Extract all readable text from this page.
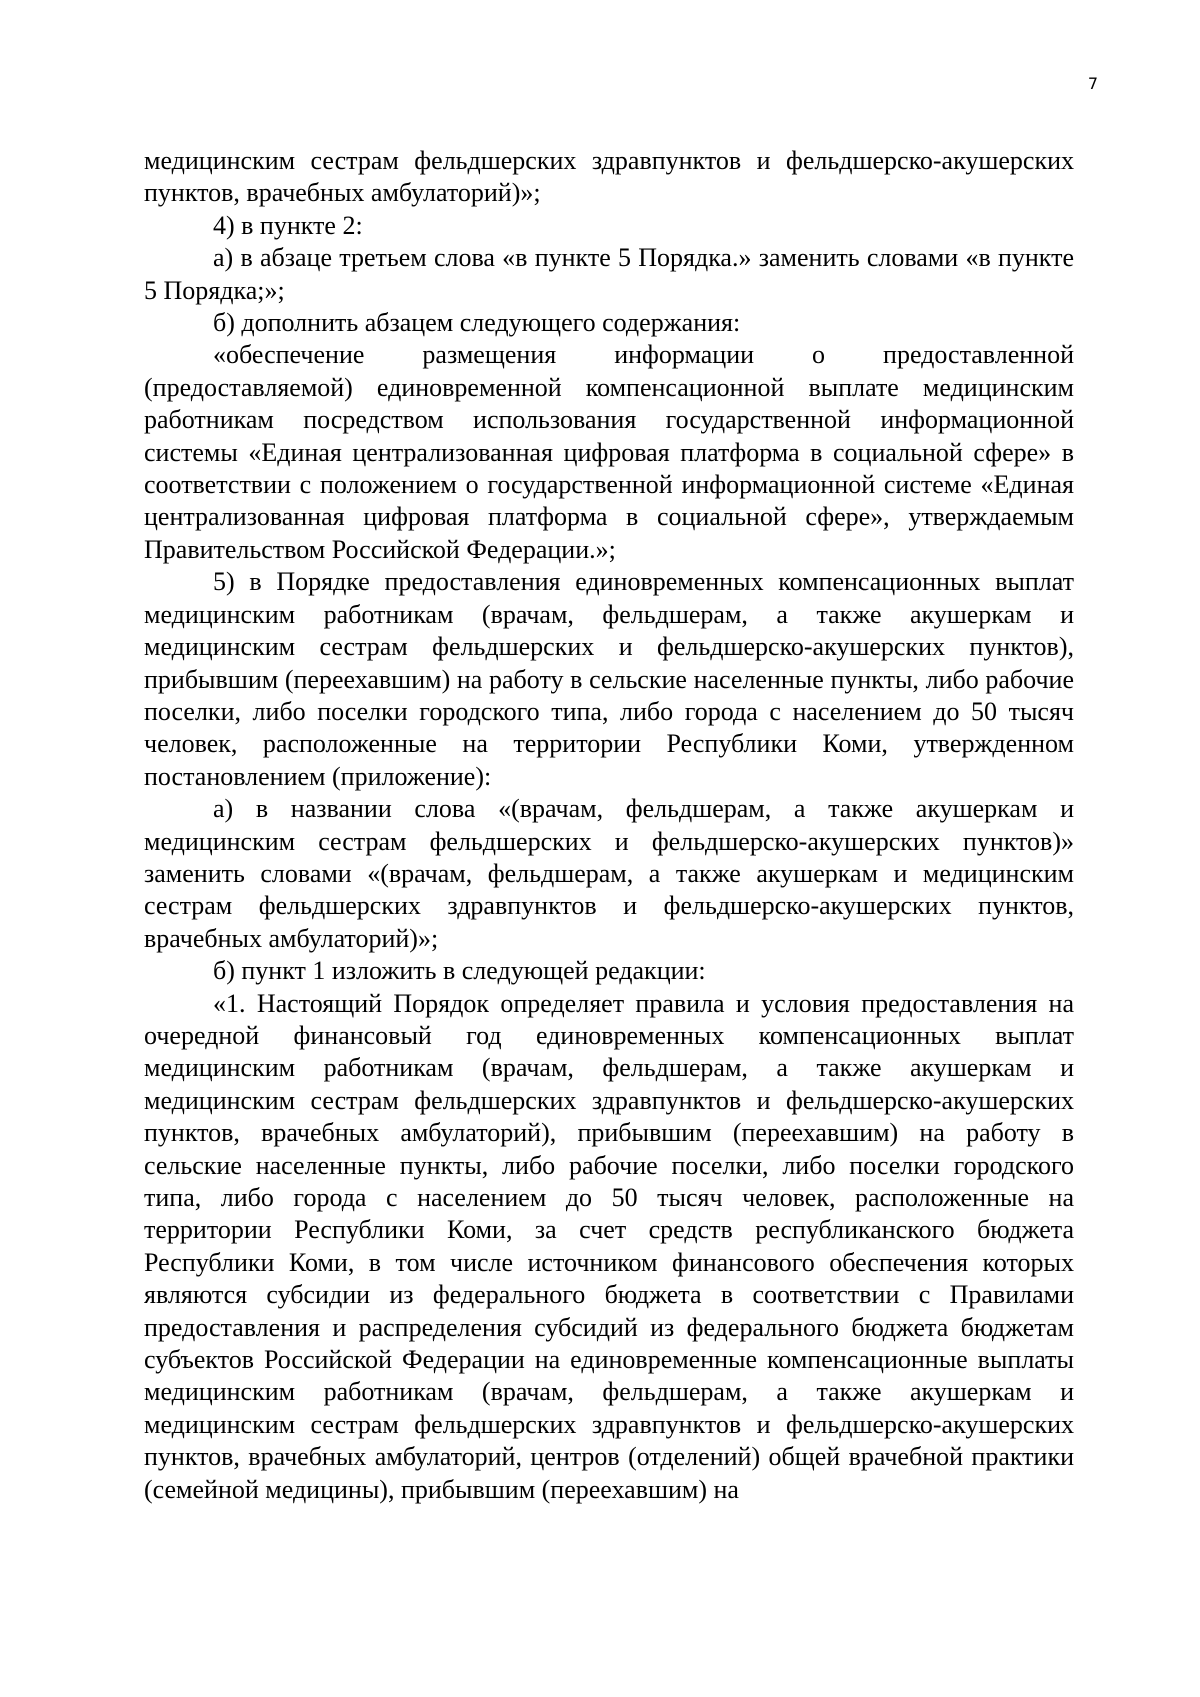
7

медицинским сестрам фельдшерских здравпунктов и фельдшерско-акушерских пунктов, врачебных амбулаторий)»;

4) в пункте 2:

а) в абзаце третьем слова «в пункте 5 Порядка.» заменить словами «в пункте 5 Порядка;»;

б) дополнить абзацем следующего содержания:

«обеспечение размещения информации о предоставленной (предоставляемой) единовременной компенсационной выплате медицинским работникам посредством использования государственной информационной системы «Единая централизованная цифровая платформа в социальной сфере» в соответствии с положением о государственной информационной системе «Единая централизованная цифровая платформа в социальной сфере», утверждаемым Правительством Российской Федерации.»;

5) в Порядке предоставления единовременных компенсационных выплат медицинским работникам (врачам, фельдшерам, а также акушеркам и медицинским сестрам фельдшерских и фельдшерско-акушерских пунктов), прибывшим (переехавшим) на работу в сельские населенные пункты, либо рабочие поселки, либо поселки городского типа, либо города с населением до 50 тысяч человек, расположенные на территории Республики Коми, утвержденном постановлением (приложение):

а) в названии слова «(врачам, фельдшерам, а также акушеркам и медицинским сестрам фельдшерских и фельдшерско-акушерских пунктов)» заменить словами «(врачам, фельдшерам, а также акушеркам и медицинским сестрам фельдшерских здравпунктов и фельдшерско-акушерских пунктов, врачебных амбулаторий)»;

б) пункт 1 изложить в следующей редакции:

«1. Настоящий Порядок определяет правила и условия предоставления на очередной финансовый год единовременных компенсационных выплат медицинским работникам (врачам, фельдшерам, а также акушеркам и медицинским сестрам фельдшерских здравпунктов и фельдшерско-акушерских пунктов, врачебных амбулаторий), прибывшим (переехавшим) на работу в сельские населенные пункты, либо рабочие поселки, либо поселки городского типа, либо города с населением до 50 тысяч человек, расположенные на территории Республики Коми, за счет средств республиканского бюджета Республики Коми, в том числе источником финансового обеспечения которых являются субсидии из федерального бюджета в соответствии с Правилами предоставления и распределения субсидий из федерального бюджета бюджетам субъектов Российской Федерации на единовременные компенсационные выплаты медицинским работникам (врачам, фельдшерам, а также акушеркам и медицинским сестрам фельдшерских здравпунктов и фельдшерско-акушерских пунктов, врачебных амбулаторий, центров (отделений) общей врачебной практики (семейной медицины), прибывшим (переехавшим) на
